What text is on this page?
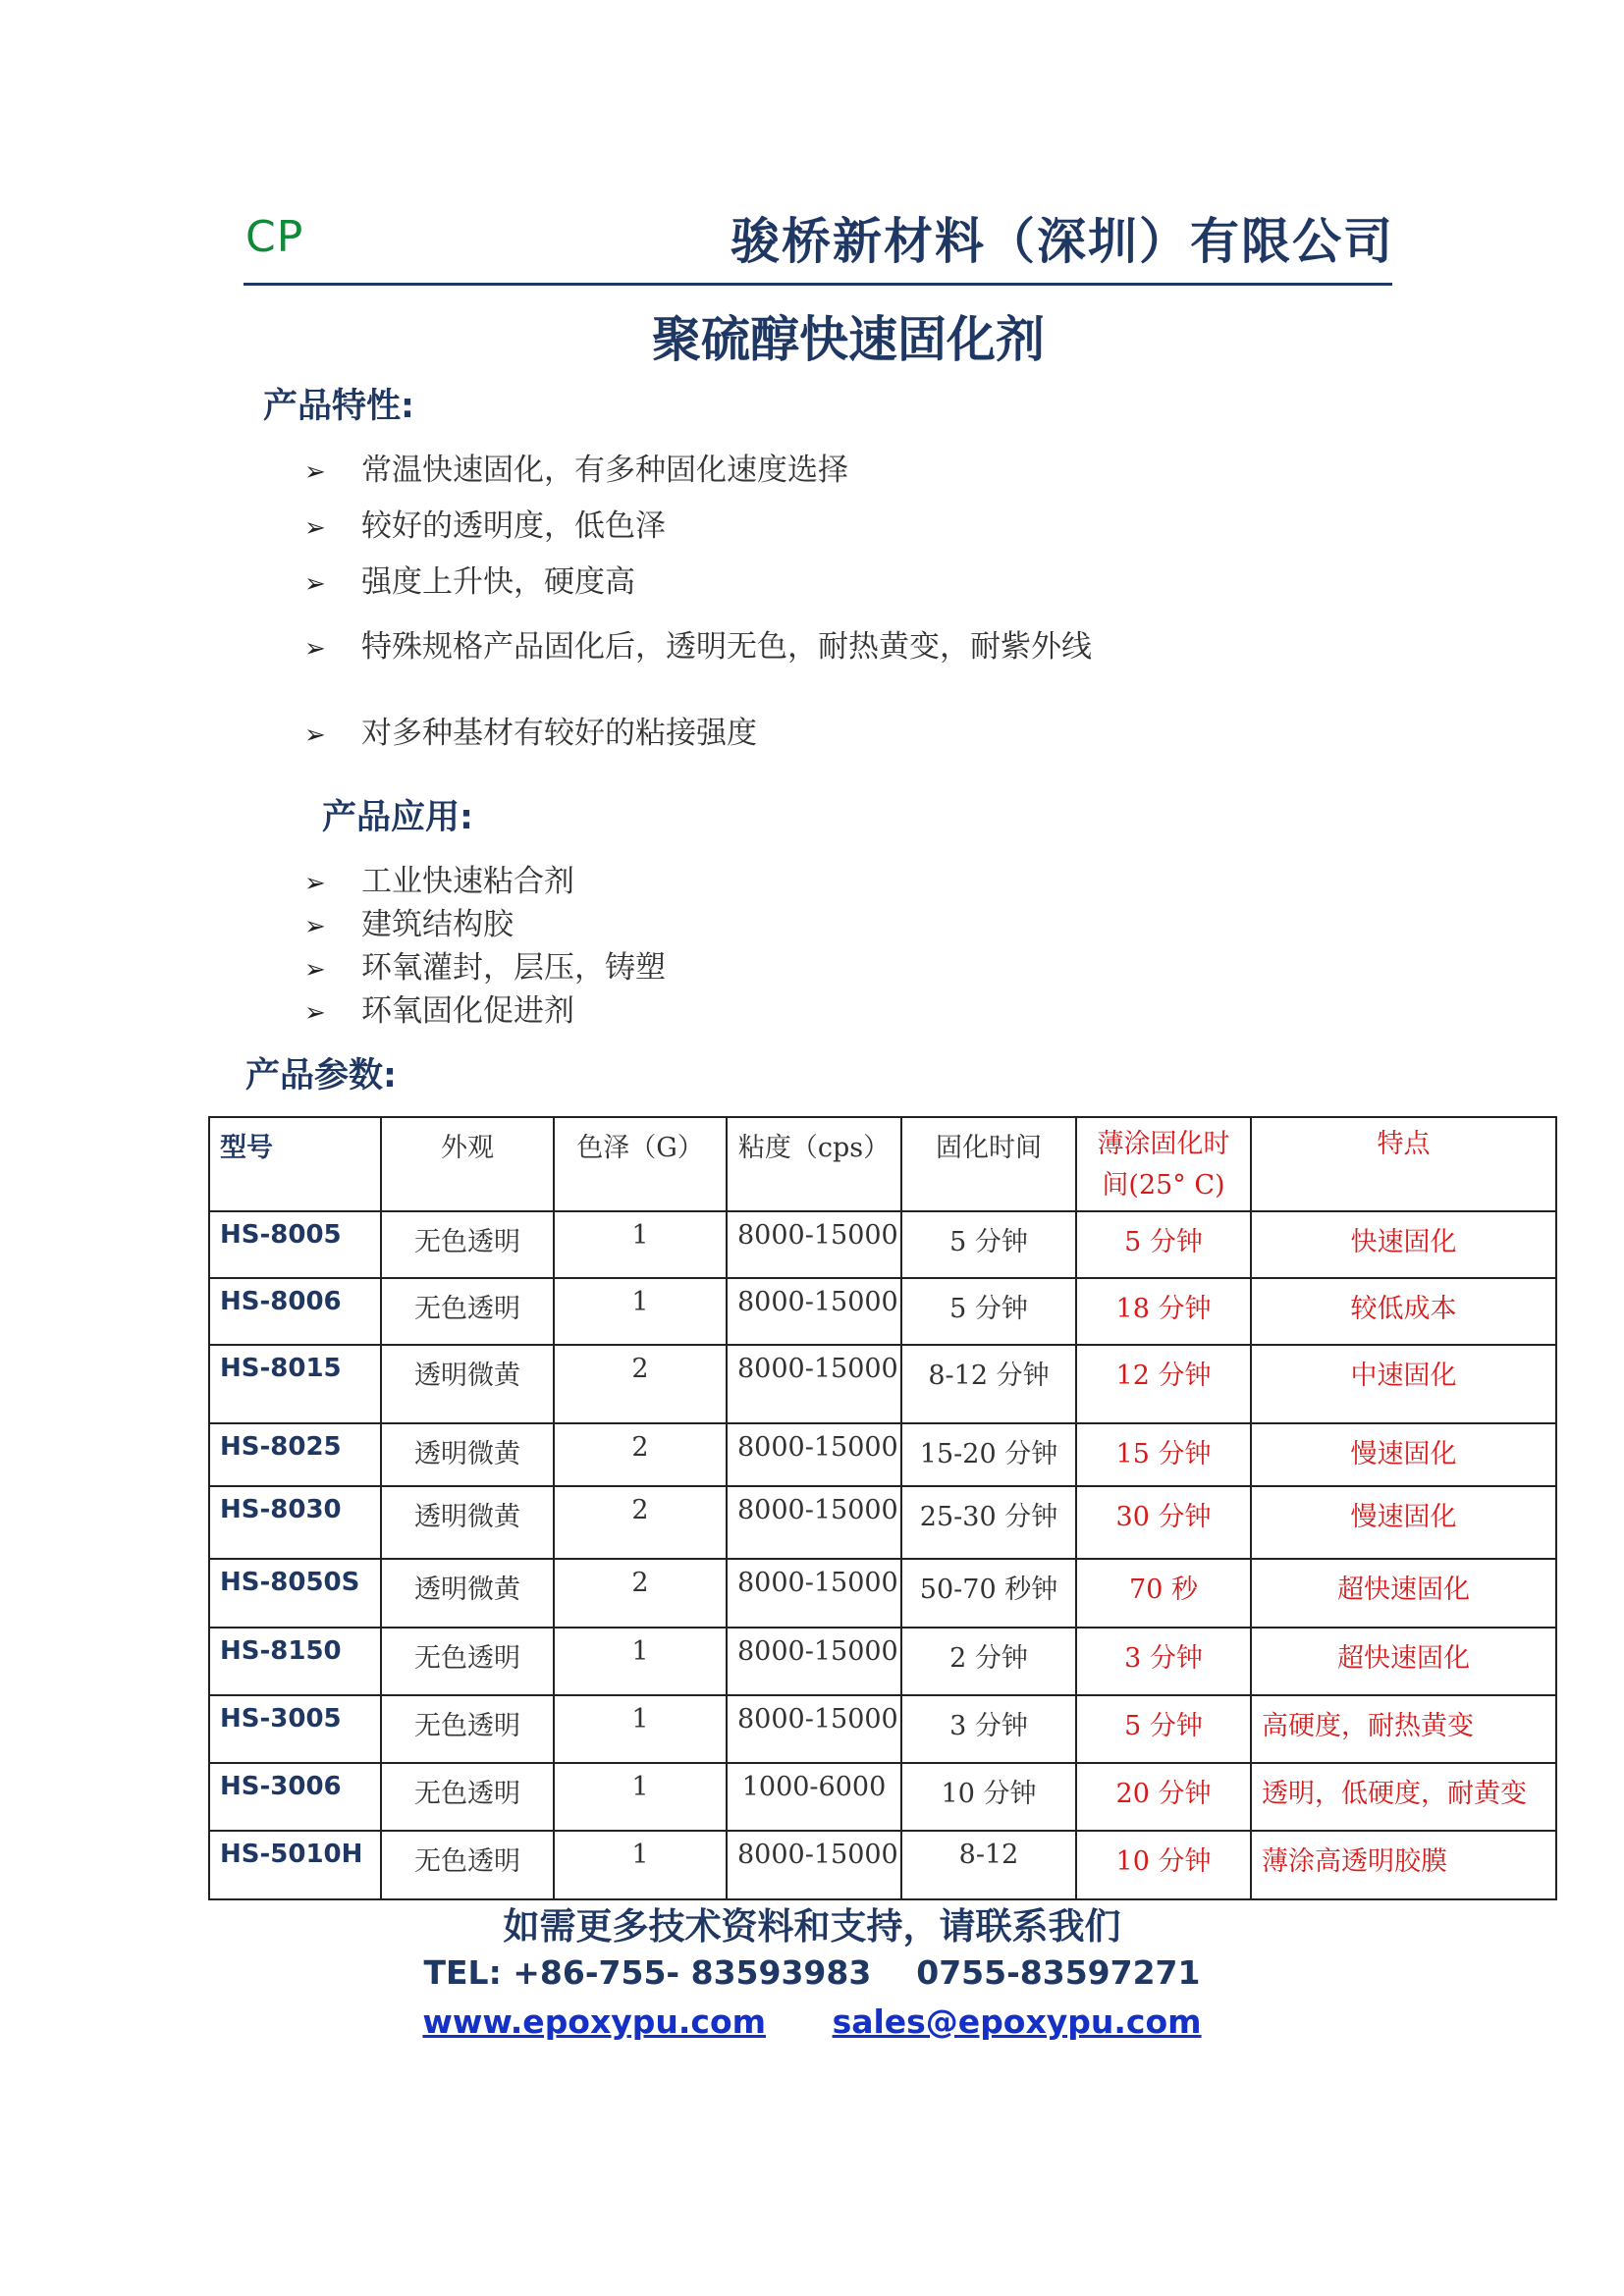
CP	骏桥新材料（深圳）有限公司
聚硫醇快速固化剂
产品特性:
➢ 常温快速固化，有多种固化速度选择
➢ 较好的透明度，低色泽
➢ 强度上升快，硬度高
➢ 特殊规格产品固化后，透明无色，耐热黄变，耐紫外线
➢ 对多种基材有较好的粘接强度
产品应用:
➢ 工业快速粘合剂
➢ 建筑结构胶
➢ 环氧灌封，层压，铸塑
➢ 环氧固化促进剂
产品参数:
型号	外观	色泽（G）	粘度（cps）	固化时间	薄涂固化时间(25° C)	特点
HS-8005	无色透明	1	8000-15000	5 分钟	5 分钟	快速固化
HS-8006	无色透明	1	8000-15000	5 分钟	18 分钟	较低成本
HS-8015	透明微黄	2	8000-15000	8-12 分钟	12 分钟	中速固化
HS-8025	透明微黄	2	8000-15000	15-20 分钟	15 分钟	慢速固化
HS-8030	透明微黄	2	8000-15000	25-30 分钟	30 分钟	慢速固化
HS-8050S	透明微黄	2	8000-15000	50-70 秒钟	70 秒	超快速固化
HS-8150	无色透明	1	8000-15000	2 分钟	3 分钟	超快速固化
HS-3005	无色透明	1	8000-15000	3 分钟	5 分钟	高硬度，耐热黄变
HS-3006	无色透明	1	1000-6000	10 分钟	20 分钟	透明，低硬度，耐黄变
HS-5010H	无色透明	1	8000-15000	8-12	10 分钟	薄涂高透明胶膜
如需更多技术资料和支持，请联系我们
TEL: +86-755- 83593983    0755-83597271
www.epoxypu.com sales@epoxypu.com
